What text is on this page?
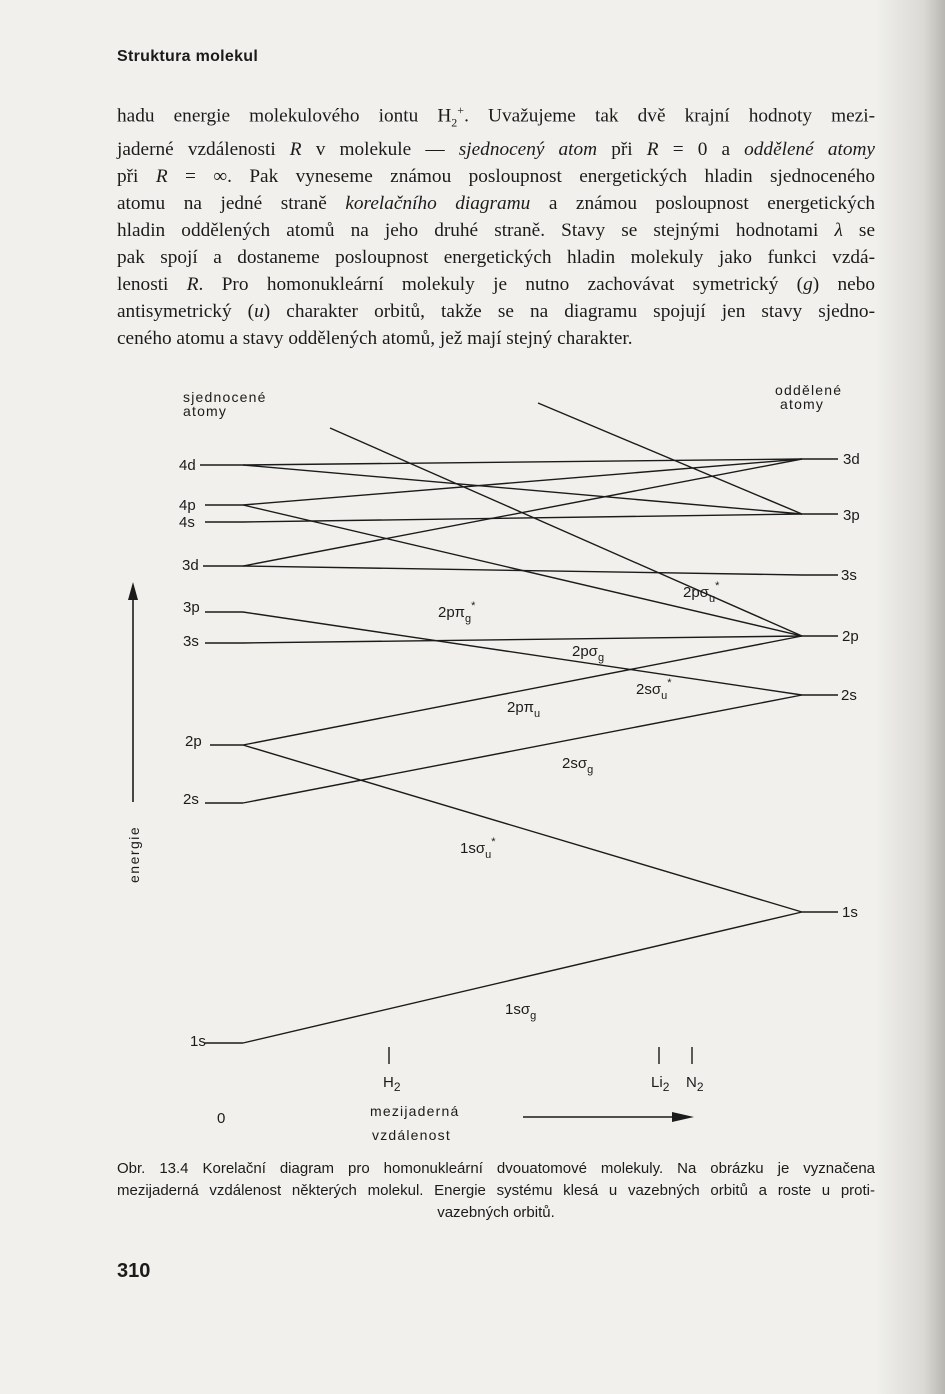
Struktura molekul

hadu energie molekulového iontu $H_2^+$. Uvažujeme tak dvě krajní hodnoty mezi-
jaderné vzdálenosti R v molekule — sjednocený atom při R = 0 a oddělené atomy
při R = ∞. Pak vyneseme známou posloupnost energetických hladin sjednoceného
atomu na jedné straně korelačního diagramu a známou posloupnost energetických
hladin oddělených atomů na jeho druhé straně. Stavy se stejnými hodnotami λ se
pak spojí a dostaneme posloupnost energetických hladin molekuly jako funkci vzdá-
lenosti R. Pro homonukleární molekuly je nutno zachovávat symetrický (g) nebo
antisymetrický (u) charakter orbitů, takže se na diagramu spojují jen stavy sjedno-
ceného atomu a stavy oddělených atomů, jež mají stejný charakter.

sjednocené
atomy
oddělené
atomy
4d
4p
4s
3d
3p
3s
2p
2s
1s
3d
3p
3s
2p
2s
1s
$2p\pi_g^*$
$2p\sigma_u^*$
$2p\sigma_g$
$2s\sigma_u^*$
$2p\pi_u$
$2s\sigma_g$
$1s\sigma_u^*$
$1s\sigma_g$
energie
$H_2$	$Li_2$ $N_2$
0	mezijaderná
vzdálenost

Obr. 13.4 Korelační diagram pro homonukleární dvouatomové molekuly. Na obrázku je vyznačena
mezijaderná vzdálenost některých molekul. Energie systému klesá u vazebných orbitů a roste u proti-
vazebných orbitů.

310
